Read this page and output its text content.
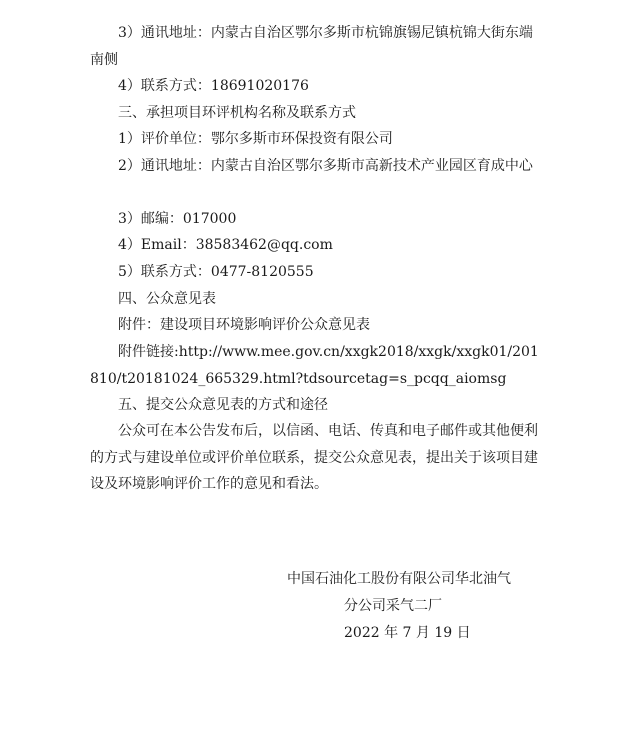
3）通讯地址：内蒙古自治区鄂尔多斯市杭锦旗锡尼镇杭锦大街东端南侧

4）联系方式：18691020176

三、承担项目环评机构名称及联系方式

1）评价单位：鄂尔多斯市环保投资有限公司

2）通讯地址：内蒙古自治区鄂尔多斯市高新技术产业园区育成中心

3）邮编：017000

4）Email：38583462@qq.com

5）联系方式：0477-8120555

四、公众意见表

附件：建设项目环境影响评价公众意见表

附件链接:http://www.mee.gov.cn/xxgk2018/xxgk/xxgk01/201810/t20181024_665329.html?tdsourcetag=s_pcqq_aiomsg

五、提交公众意见表的方式和途径

公众可在本公告发布后，以信函、电话、传真和电子邮件或其他便利的方式与建设单位或评价单位联系，提交公众意见表，提出关于该项目建设及环境影响评价工作的意见和看法。

中国石油化工股份有限公司华北油气
分公司采气二厂
2022 年 7 月 19 日
